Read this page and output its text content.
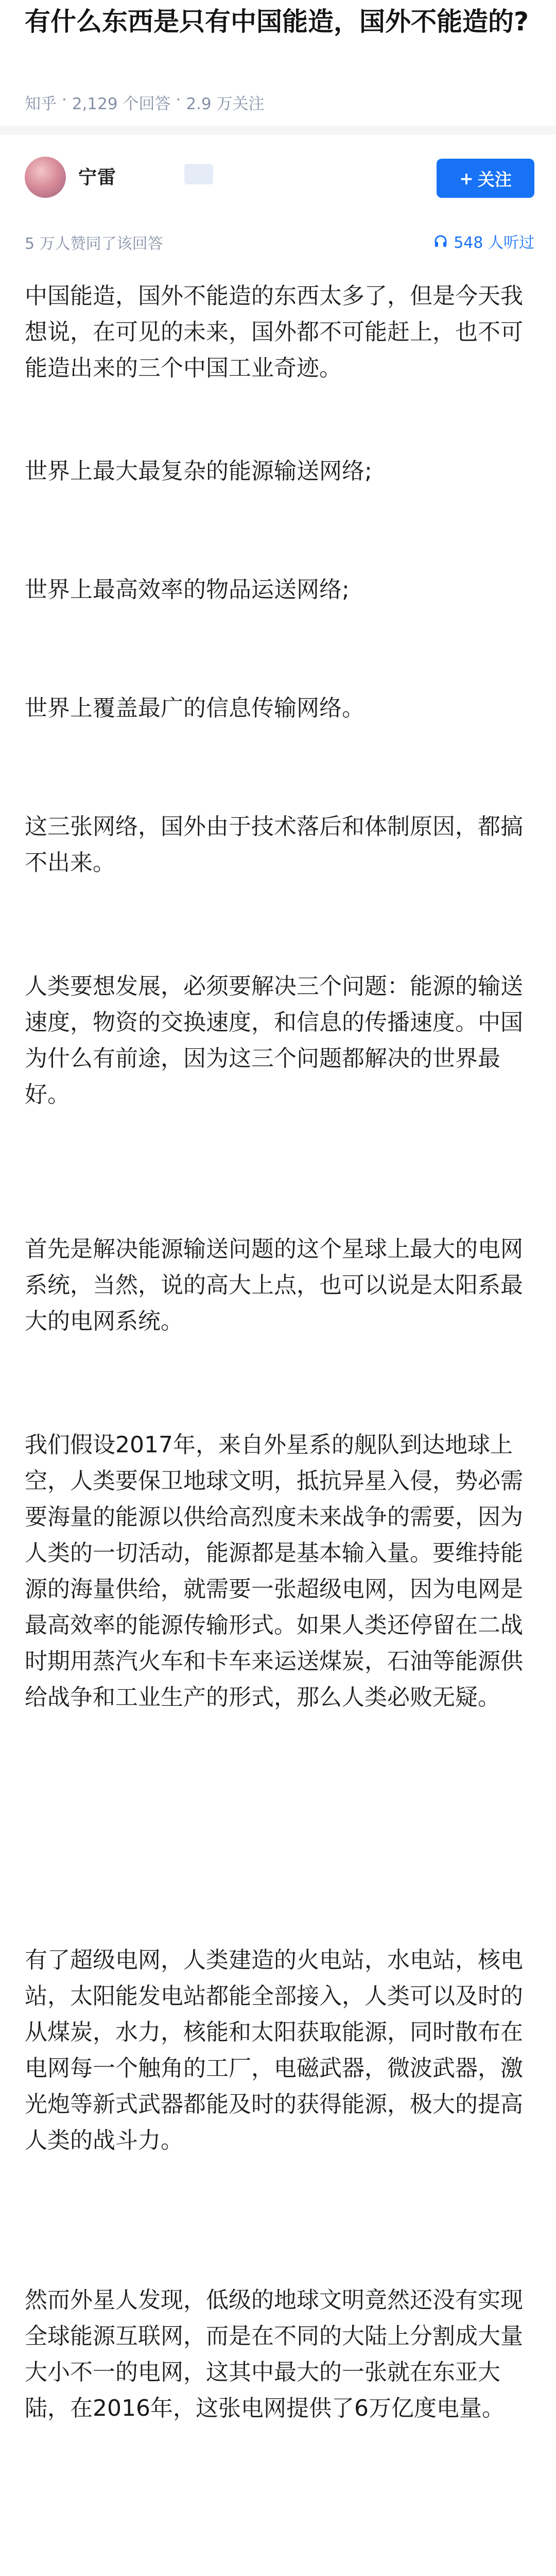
有什么东西是只有中国能造，国外不能造的?
知乎 · 2,129 个回答 · 2.9 万关注
宁雷	+ 关注
5 万人赞同了该回答	548 人听过

中国能造，国外不能造的东西太多了，但是今天我想说，在可见的未来，国外都不可能赶上，也不可能造出来的三个中国工业奇迹。

世界上最大最复杂的能源输送网络;

世界上最高效率的物品运送网络;

世界上覆盖最广的信息传输网络。

这三张网络，国外由于技术落后和体制原因，都搞不出来。

人类要想发展，必须要解决三个问题：能源的输送速度，物资的交换速度，和信息的传播速度。中国为什么有前途，因为这三个问题都解决的世界最好。

首先是解决能源输送问题的这个星球上最大的电网系统，当然，说的高大上点，也可以说是太阳系最大的电网系统。

我们假设2017年，来自外星系的舰队到达地球上空，人类要保卫地球文明，抵抗异星入侵，势必需要海量的能源以供给高烈度未来战争的需要，因为人类的一切活动，能源都是基本输入量。要维持能源的海量供给，就需要一张超级电网，因为电网是最高效率的能源传输形式。如果人类还停留在二战时期用蒸汽火车和卡车来运送煤炭，石油等能源供给战争和工业生产的形式，那么人类必败无疑。

有了超级电网，人类建造的火电站，水电站，核电站，太阳能发电站都能全部接入，人类可以及时的从煤炭，水力，核能和太阳获取能源，同时散布在电网每一个触角的工厂，电磁武器，微波武器，激光炮等新式武器都能及时的获得能源，极大的提高人类的战斗力。

然而外星人发现，低级的地球文明竟然还没有实现全球能源互联网，而是在不同的大陆上分割成大量大小不一的电网，这其中最大的一张就在东亚大陆，在2016年，这张电网提供了6万亿度电量。
